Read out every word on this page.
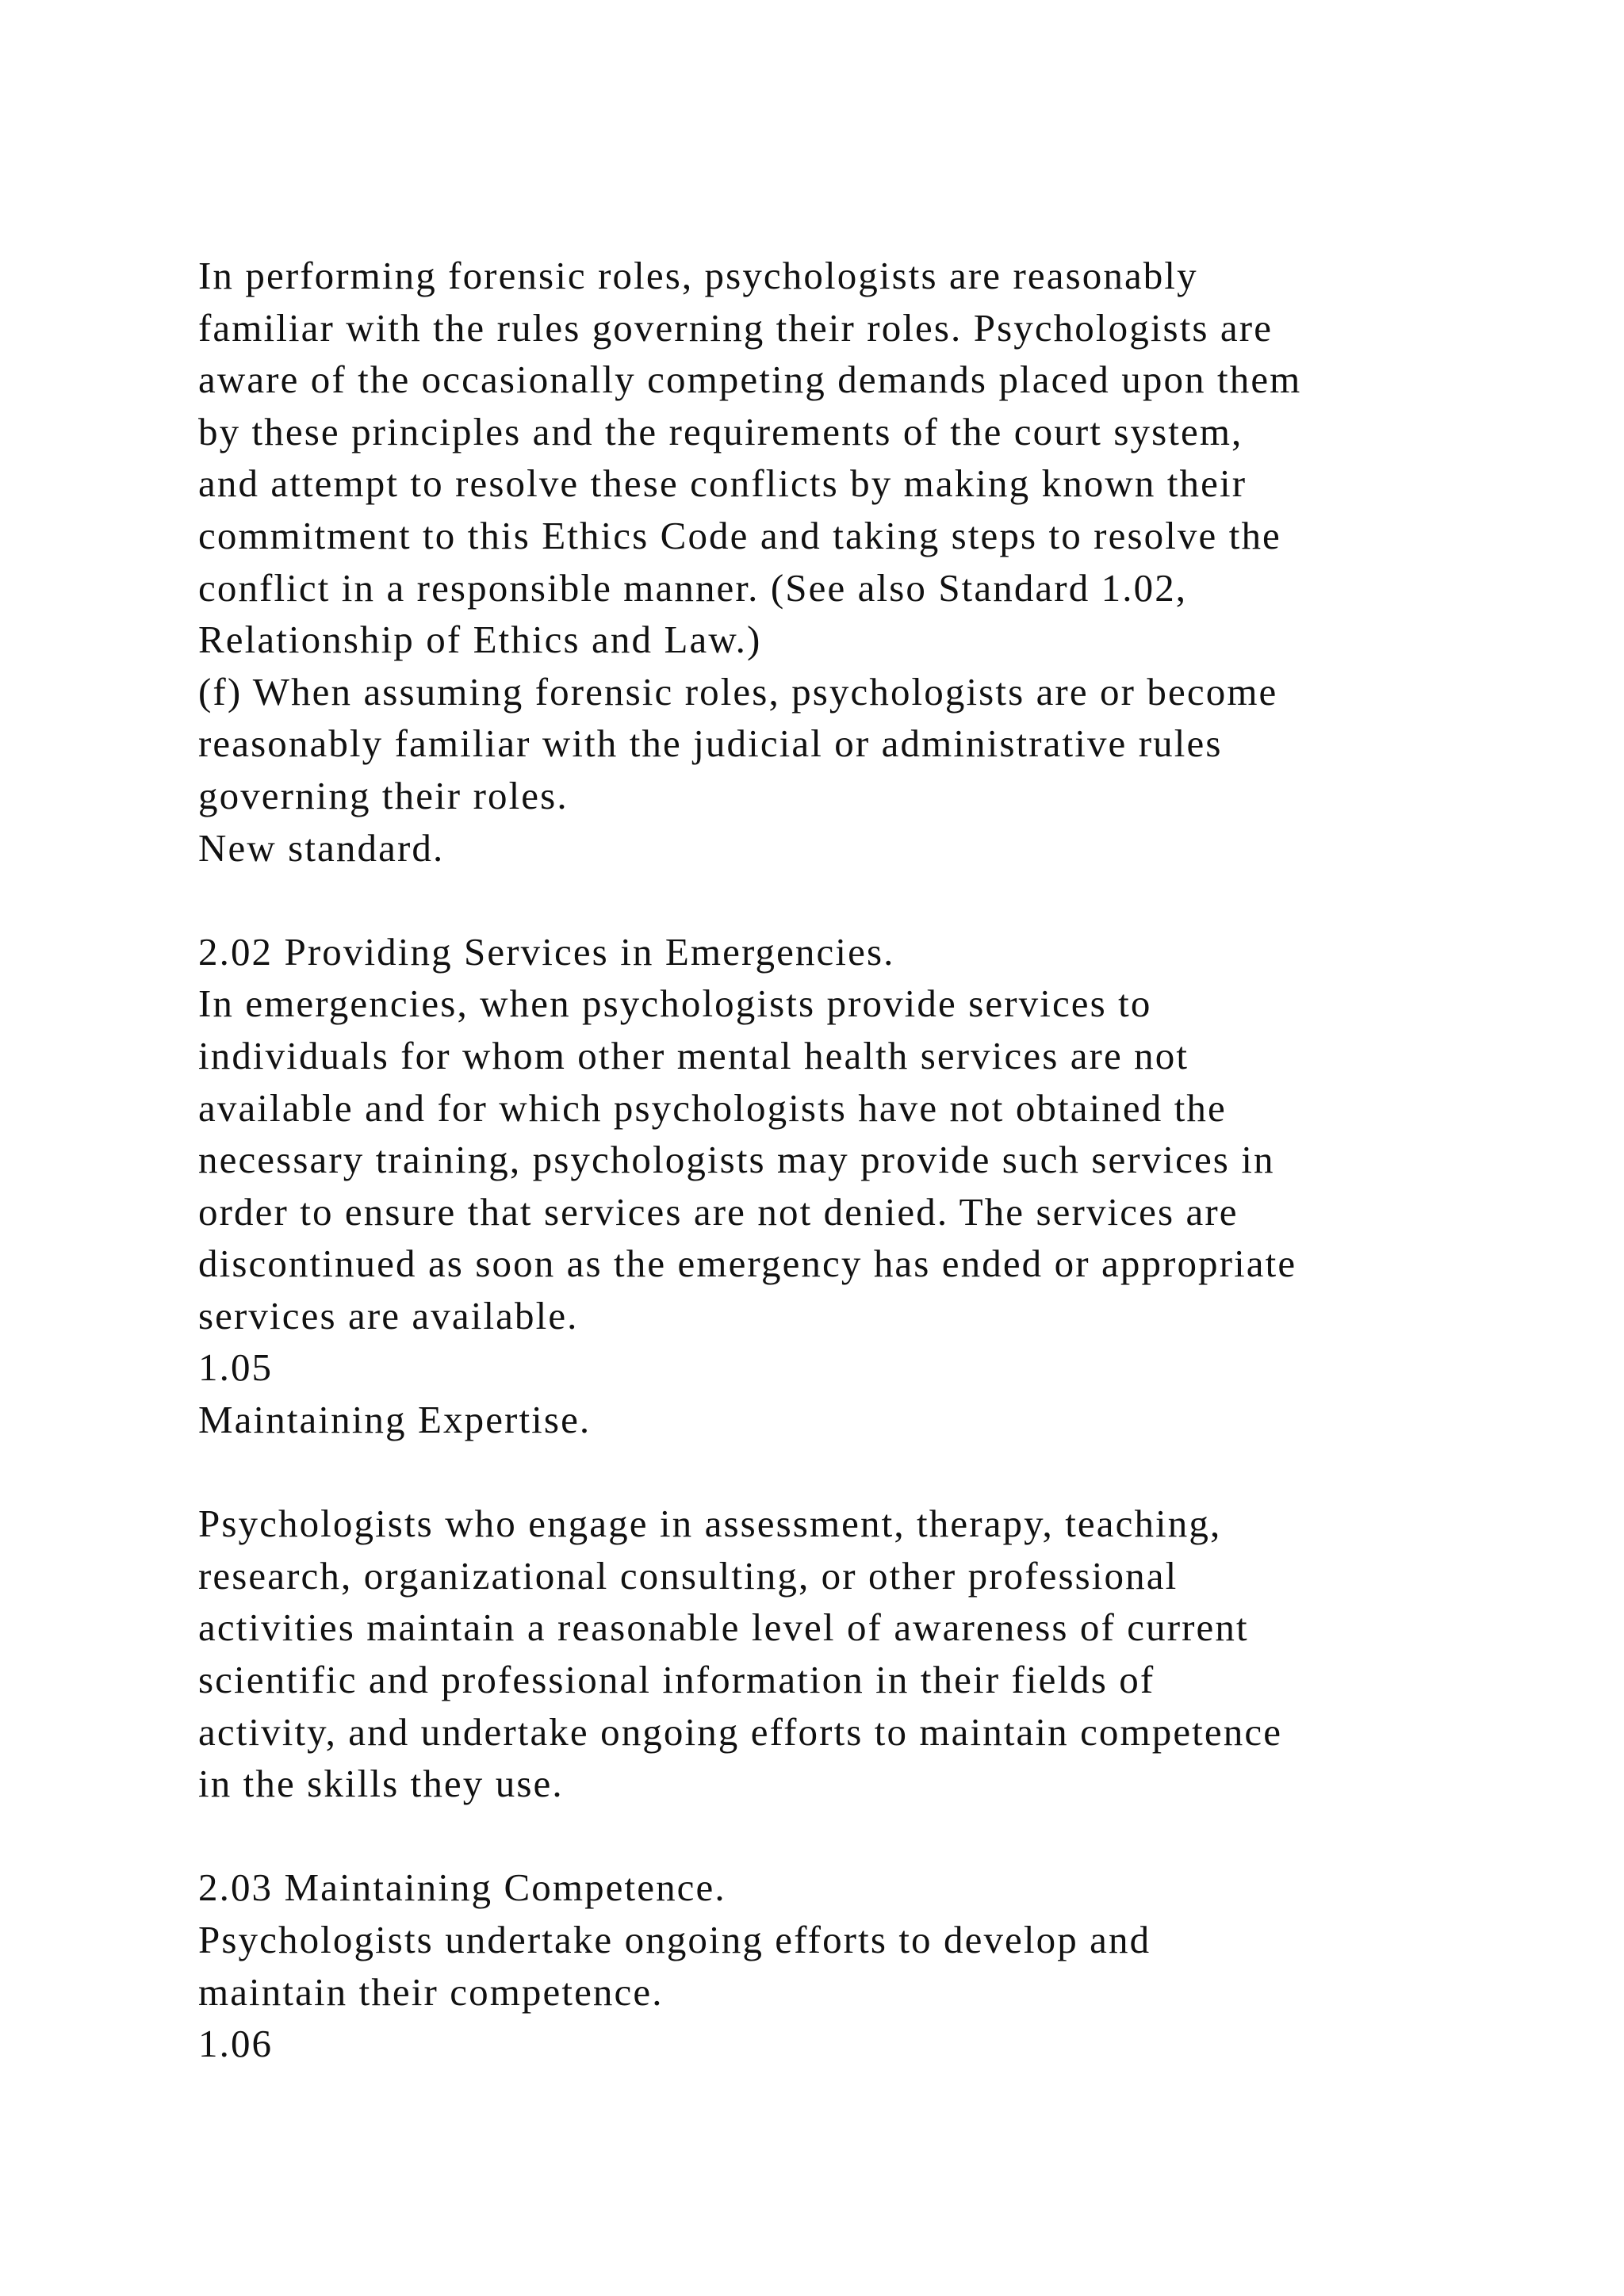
In performing forensic roles, psychologists are reasonably
familiar with the rules governing their roles. Psychologists are
aware of the occasionally competing demands placed upon them
by these principles and the requirements of the court system,
and attempt to resolve these conflicts by making known their
commitment to this Ethics Code and taking steps to resolve the
conflict in a responsible manner. (See also Standard 1.02,
Relationship of Ethics and Law.)
(f) When assuming forensic roles, psychologists are or become
reasonably familiar with the judicial or administrative rules
governing their roles.
New standard.
2.02 Providing Services in Emergencies.
In emergencies, when psychologists provide services to
individuals for whom other mental health services are not
available and for which psychologists have not obtained the
necessary training, psychologists may provide such services in
order to ensure that services are not denied. The services are
discontinued as soon as the emergency has ended or appropriate
services are available.
1.05
Maintaining Expertise.
Psychologists who engage in assessment, therapy, teaching,
research, organizational consulting, or other professional
activities maintain a reasonable level of awareness of current
scientific and professional information in their fields of
activity, and undertake ongoing efforts to maintain competence
in the skills they use.
2.03 Maintaining Competence.
Psychologists undertake ongoing efforts to develop and
maintain their competence.
1.06
